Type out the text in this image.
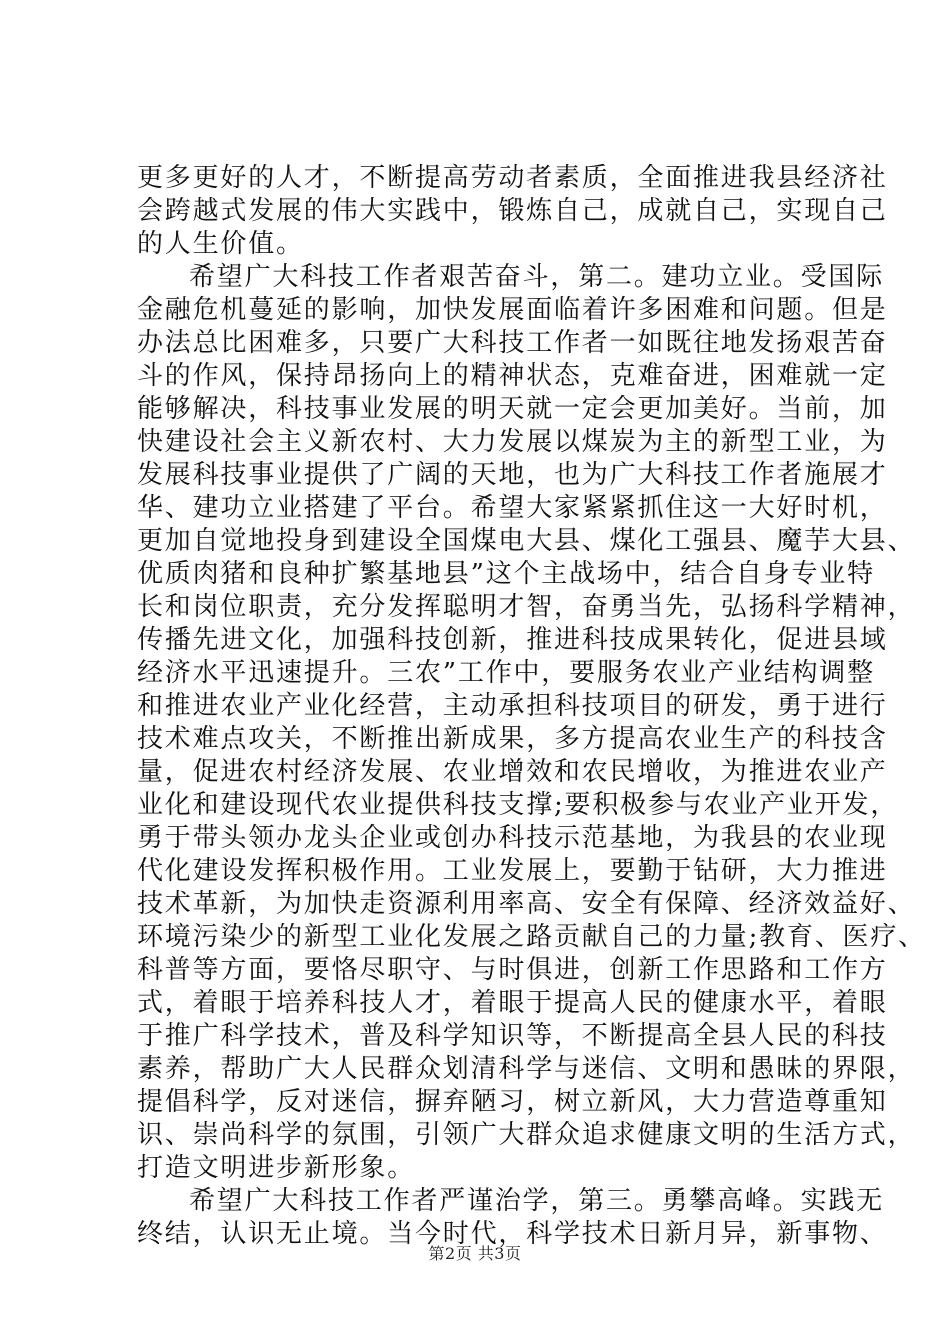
更多更好的人才，不断提高劳动者素质，全面推进我县经济社
会跨越式发展的伟大实践中，锻炼自己，成就自己，实现自己
的人生价值。
希望广大科技工作者艰苦奋斗，第二。建功立业。受国际
金融危机蔓延的影响，加快发展面临着许多困难和问题。但是
办法总比困难多，只要广大科技工作者一如既往地发扬艰苦奋
斗的作风，保持昂扬向上的精神状态，克难奋进，困难就一定
能够解决，科技事业发展的明天就一定会更加美好。当前，加
快建设社会主义新农村、大力发展以煤炭为主的新型工业，为
发展科技事业提供了广阔的天地，也为广大科技工作者施展才
华、建功立业搭建了平台。希望大家紧紧抓住这一大好时机，
更加自觉地投身到建设全国煤电大县、煤化工强县、魔芋大县、
优质肉猪和良种扩繁基地县”这个主战场中，结合自身专业特
长和岗位职责，充分发挥聪明才智，奋勇当先，弘扬科学精神，
传播先进文化，加强科技创新，推进科技成果转化，促进县域
经济水平迅速提升。三农”工作中，要服务农业产业结构调整
和推进农业产业化经营，主动承担科技项目的研发，勇于进行
技术难点攻关，不断推出新成果，多方提高农业生产的科技含
量，促进农村经济发展、农业增效和农民增收，为推进农业产
业化和建设现代农业提供科技支撑;要积极参与农业产业开发，
勇于带头领办龙头企业或创办科技示范基地，为我县的农业现
代化建设发挥积极作用。工业发展上，要勤于钻研，大力推进
技术革新，为加快走资源利用率高、安全有保障、经济效益好、
环境污染少的新型工业化发展之路贡献自己的力量;教育、医疗、
科普等方面，要恪尽职守、与时俱进，创新工作思路和工作方
式，着眼于培养科技人才，着眼于提高人民的健康水平，着眼
于推广科学技术，普及科学知识等，不断提高全县人民的科技
素养，帮助广大人民群众划清科学与迷信、文明和愚昧的界限，
提倡科学，反对迷信，摒弃陋习，树立新风，大力营造尊重知
识、崇尚科学的氛围，引领广大群众追求健康文明的生活方式，
打造文明进步新形象。
希望广大科技工作者严谨治学，第三。勇攀高峰。实践无
终结，认识无止境。当今时代，科学技术日新月异，新事物、
第2页 共3页
